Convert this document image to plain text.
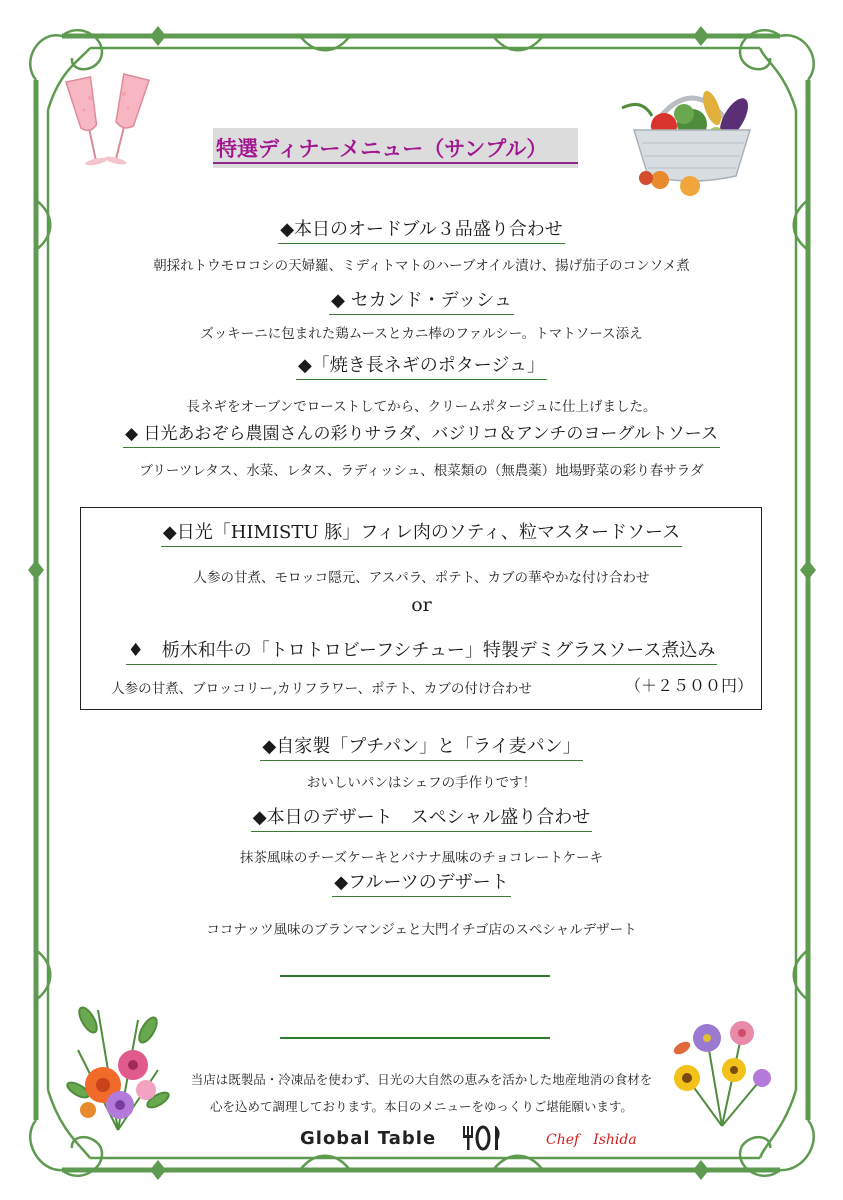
特選ディナーメニュー（サンプル）
◆本日のオードブル３品盛り合わせ
朝採れトウモロコシの天婦羅、ミディトマトのハーブオイル漬け、揚げ茄子のコンソメ煮
◆ セカンド・デッシュ
ズッキーニに包まれた鶏ムースとカニ棒のファルシー。トマトソース添え
◆「焼き長ネギのポタージュ」
長ネギをオーブンでローストしてから、クリームポタージュに仕上げました。
◆ 日光あおぞら農園さんの彩りサラダ、バジリコ＆アンチのヨーグルトソース
ブリーツレタス、水菜、レタス、ラディッシュ、根菜類の（無農薬）地場野菜の彩り春サラダ
◆日光「HIMISTU 豚」フィレ肉のソティ、粒マスタードソース
人参の甘煮、モロッコ隠元、アスパラ、ポテト、カブの華やかな付け合わせ
or
♦　栃木和牛の「トロトロビーフシチュー」特製デミグラスソース煮込み
人参の甘煮、ブロッコリー,カリフラワー、ポテト、カブの付け合わせ	（＋２５００円）
◆自家製「プチパン」と「ライ麦パン」
おいしいパンはシェフの手作りです！
◆本日のデザート　スペシャル盛り合わせ
抹茶風味のチーズケーキとバナナ風味のチョコレートケーキ
◆フルーツのデザート
ココナッツ風味のブランマンジェと大門イチゴ店のスペシャルデザート
当店は既製品・冷凍品を使わず、日光の大自然の恵みを活かした地産地消の食材を
心を込めて調理しております。本日のメニューをゆっくりご堪能願います。
Global Table	Chef　Ishida
